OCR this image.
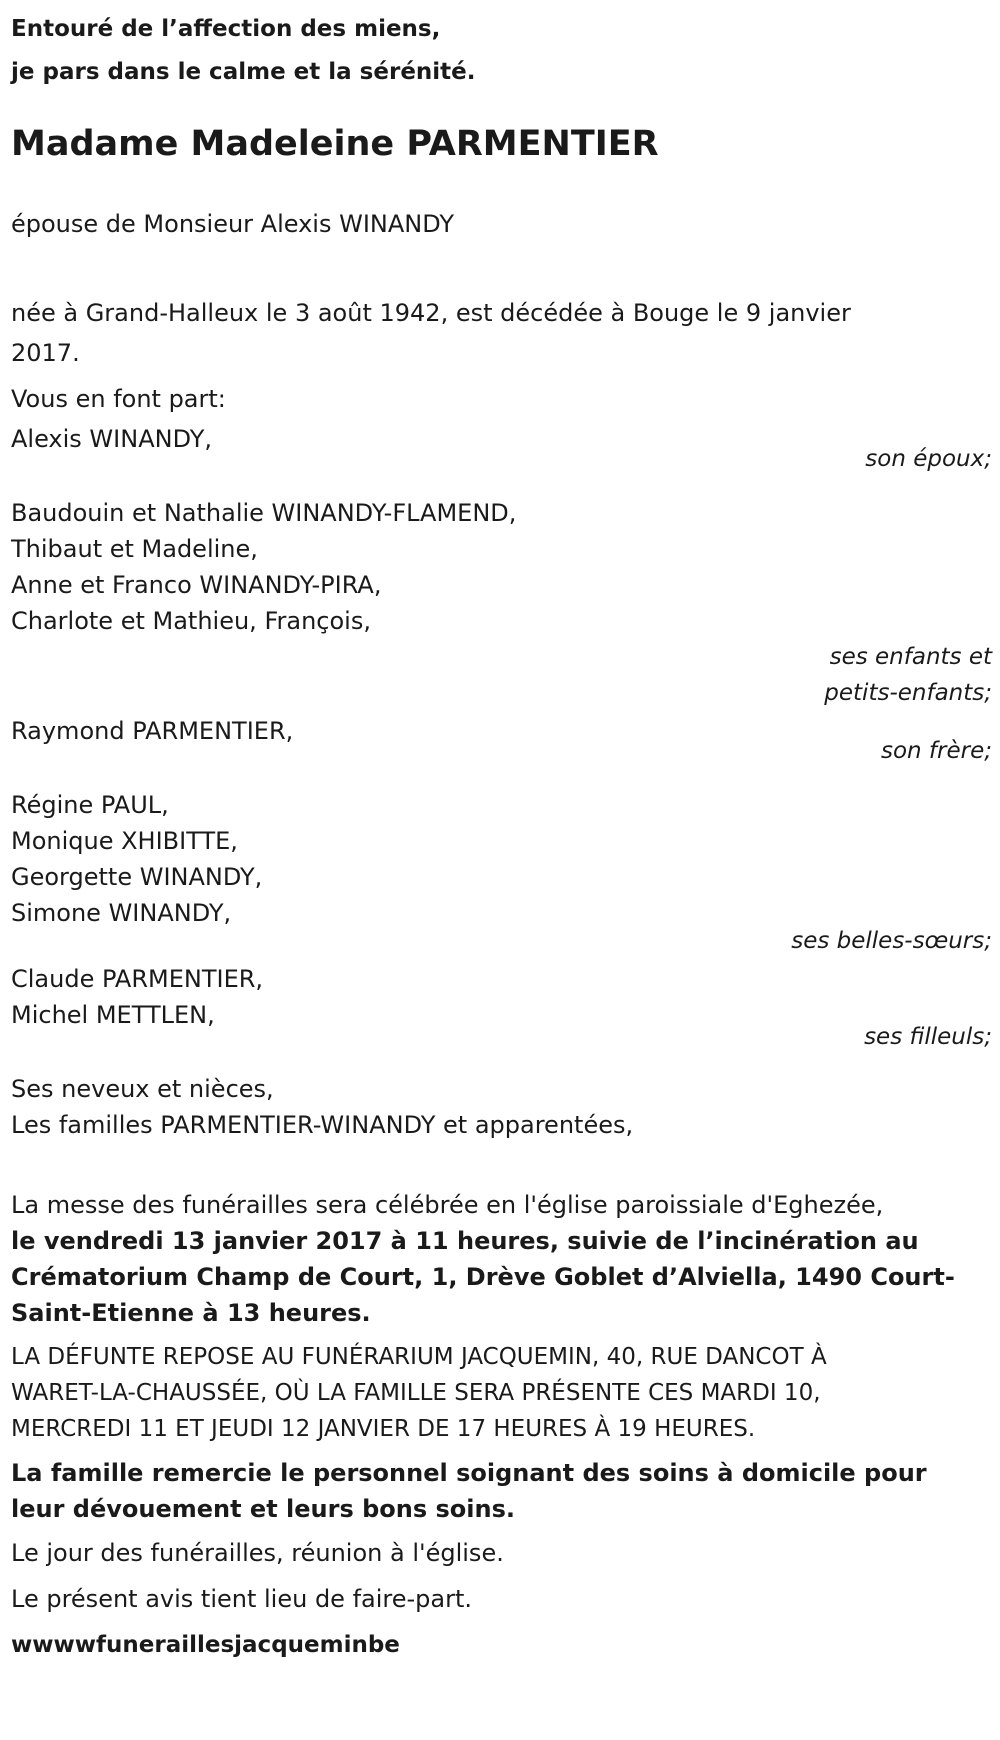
Entouré de l’affection des miens,
je pars dans le calme et la sérénité.
Madame Madeleine PARMENTIER
épouse de Monsieur Alexis WINANDY
née à Grand-Halleux le 3 août 1942, est décédée à Bouge le 9 janvier
2017.
Vous en font part:
Alexis WINANDY,
son époux;
Baudouin et Nathalie WINANDY-FLAMEND,
Thibaut et Madeline,
Anne et Franco WINANDY-PIRA,
Charlote et Mathieu, François,
ses enfants et
petits-enfants;
Raymond PARMENTIER,
son frère;
Régine PAUL,
Monique XHIBITTE,
Georgette WINANDY,
Simone WINANDY,
ses belles-sœurs;
Claude PARMENTIER,
Michel METTLEN,
ses filleuls;
Ses neveux et nièces,
Les familles PARMENTIER-WINANDY et apparentées,
La messe des funérailles sera célébrée en l'église paroissiale d'Eghezée,
le vendredi 13 janvier 2017 à 11 heures, suivie de l’incinération au
Crématorium Champ de Court, 1, Drève Goblet d’Alviella, 1490 Court-
Saint-Etienne à 13 heures.
LA DÉFUNTE REPOSE AU FUNÉRARIUM JACQUEMIN, 40, RUE DANCOT À
WARET-LA-CHAUSSÉE, OÙ LA FAMILLE SERA PRÉSENTE CES MARDI 10,
MERCREDI 11 ET JEUDI 12 JANVIER DE 17 HEURES À 19 HEURES.
La famille remercie le personnel soignant des soins à domicile pour
leur dévouement et leurs bons soins.
Le jour des funérailles, réunion à l'église.
Le présent avis tient lieu de faire-part.
wwwwfuneraillesjacqueminbe
